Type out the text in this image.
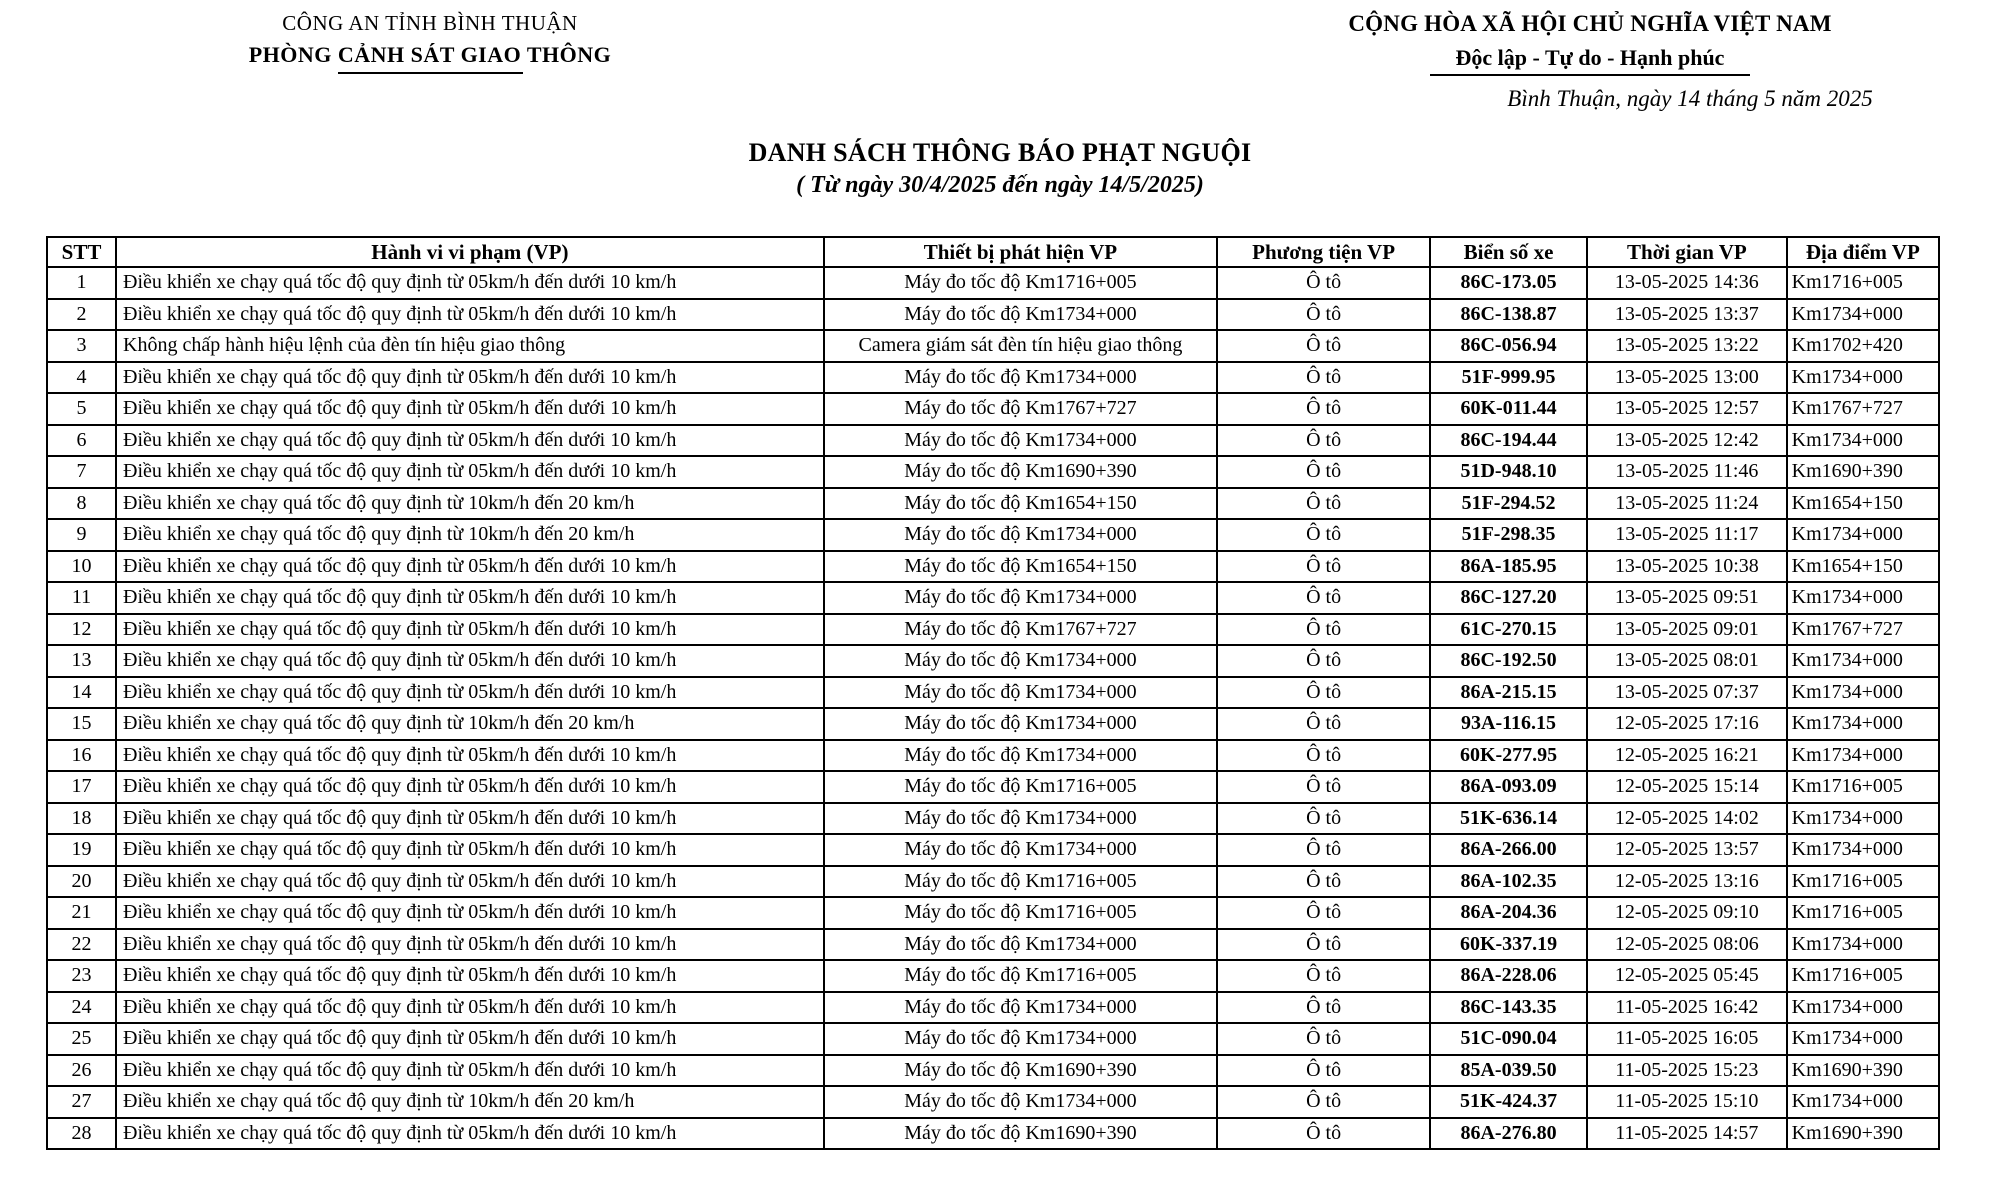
CÔNG AN TỈNH BÌNH THUẬN
PHÒNG CẢNH SÁT GIAO THÔNG
CỘNG HÒA XÃ HỘI CHỦ NGHĨA VIỆT NAM
Độc lập - Tự do - Hạnh phúc
Bình Thuận, ngày 14 tháng 5 năm 2025
DANH SÁCH THÔNG BÁO PHẠT NGUỘI
( Từ ngày 30/4/2025 đến ngày 14/5/2025)
STT	Hành vi vi phạm (VP)	Thiết bị phát hiện VP	Phương tiện VP	Biển số xe	Thời gian VP	Địa điểm VP
1	Điều khiển xe chạy quá tốc độ quy định từ 05km/h đến dưới 10 km/h	Máy đo tốc độ Km1716+005	Ô tô	86C-173.05	13-05-2025 14:36	Km1716+005
2	Điều khiển xe chạy quá tốc độ quy định từ 05km/h đến dưới 10 km/h	Máy đo tốc độ Km1734+000	Ô tô	86C-138.87	13-05-2025 13:37	Km1734+000
3	Không chấp hành hiệu lệnh của đèn tín hiệu giao thông	Camera giám sát đèn tín hiệu giao thông	Ô tô	86C-056.94	13-05-2025 13:22	Km1702+420
4	Điều khiển xe chạy quá tốc độ quy định từ 05km/h đến dưới 10 km/h	Máy đo tốc độ Km1734+000	Ô tô	51F-999.95	13-05-2025 13:00	Km1734+000
5	Điều khiển xe chạy quá tốc độ quy định từ 05km/h đến dưới 10 km/h	Máy đo tốc độ Km1767+727	Ô tô	60K-011.44	13-05-2025 12:57	Km1767+727
6	Điều khiển xe chạy quá tốc độ quy định từ 05km/h đến dưới 10 km/h	Máy đo tốc độ Km1734+000	Ô tô	86C-194.44	13-05-2025 12:42	Km1734+000
7	Điều khiển xe chạy quá tốc độ quy định từ 05km/h đến dưới 10 km/h	Máy đo tốc độ Km1690+390	Ô tô	51D-948.10	13-05-2025 11:46	Km1690+390
8	Điều khiển xe chạy quá tốc độ quy định từ 10km/h đến 20 km/h	Máy đo tốc độ Km1654+150	Ô tô	51F-294.52	13-05-2025 11:24	Km1654+150
9	Điều khiển xe chạy quá tốc độ quy định từ 10km/h đến 20 km/h	Máy đo tốc độ Km1734+000	Ô tô	51F-298.35	13-05-2025 11:17	Km1734+000
10	Điều khiển xe chạy quá tốc độ quy định từ 05km/h đến dưới 10 km/h	Máy đo tốc độ Km1654+150	Ô tô	86A-185.95	13-05-2025 10:38	Km1654+150
11	Điều khiển xe chạy quá tốc độ quy định từ 05km/h đến dưới 10 km/h	Máy đo tốc độ Km1734+000	Ô tô	86C-127.20	13-05-2025 09:51	Km1734+000
12	Điều khiển xe chạy quá tốc độ quy định từ 05km/h đến dưới 10 km/h	Máy đo tốc độ Km1767+727	Ô tô	61C-270.15	13-05-2025 09:01	Km1767+727
13	Điều khiển xe chạy quá tốc độ quy định từ 05km/h đến dưới 10 km/h	Máy đo tốc độ Km1734+000	Ô tô	86C-192.50	13-05-2025 08:01	Km1734+000
14	Điều khiển xe chạy quá tốc độ quy định từ 05km/h đến dưới 10 km/h	Máy đo tốc độ Km1734+000	Ô tô	86A-215.15	13-05-2025 07:37	Km1734+000
15	Điều khiển xe chạy quá tốc độ quy định từ 10km/h đến 20 km/h	Máy đo tốc độ Km1734+000	Ô tô	93A-116.15	12-05-2025 17:16	Km1734+000
16	Điều khiển xe chạy quá tốc độ quy định từ 05km/h đến dưới 10 km/h	Máy đo tốc độ Km1734+000	Ô tô	60K-277.95	12-05-2025 16:21	Km1734+000
17	Điều khiển xe chạy quá tốc độ quy định từ 05km/h đến dưới 10 km/h	Máy đo tốc độ Km1716+005	Ô tô	86A-093.09	12-05-2025 15:14	Km1716+005
18	Điều khiển xe chạy quá tốc độ quy định từ 05km/h đến dưới 10 km/h	Máy đo tốc độ Km1734+000	Ô tô	51K-636.14	12-05-2025 14:02	Km1734+000
19	Điều khiển xe chạy quá tốc độ quy định từ 05km/h đến dưới 10 km/h	Máy đo tốc độ Km1734+000	Ô tô	86A-266.00	12-05-2025 13:57	Km1734+000
20	Điều khiển xe chạy quá tốc độ quy định từ 05km/h đến dưới 10 km/h	Máy đo tốc độ Km1716+005	Ô tô	86A-102.35	12-05-2025 13:16	Km1716+005
21	Điều khiển xe chạy quá tốc độ quy định từ 05km/h đến dưới 10 km/h	Máy đo tốc độ Km1716+005	Ô tô	86A-204.36	12-05-2025 09:10	Km1716+005
22	Điều khiển xe chạy quá tốc độ quy định từ 05km/h đến dưới 10 km/h	Máy đo tốc độ Km1734+000	Ô tô	60K-337.19	12-05-2025 08:06	Km1734+000
23	Điều khiển xe chạy quá tốc độ quy định từ 05km/h đến dưới 10 km/h	Máy đo tốc độ Km1716+005	Ô tô	86A-228.06	12-05-2025 05:45	Km1716+005
24	Điều khiển xe chạy quá tốc độ quy định từ 05km/h đến dưới 10 km/h	Máy đo tốc độ Km1734+000	Ô tô	86C-143.35	11-05-2025 16:42	Km1734+000
25	Điều khiển xe chạy quá tốc độ quy định từ 05km/h đến dưới 10 km/h	Máy đo tốc độ Km1734+000	Ô tô	51C-090.04	11-05-2025 16:05	Km1734+000
26	Điều khiển xe chạy quá tốc độ quy định từ 05km/h đến dưới 10 km/h	Máy đo tốc độ Km1690+390	Ô tô	85A-039.50	11-05-2025 15:23	Km1690+390
27	Điều khiển xe chạy quá tốc độ quy định từ 10km/h đến 20 km/h	Máy đo tốc độ Km1734+000	Ô tô	51K-424.37	11-05-2025 15:10	Km1734+000
28	Điều khiển xe chạy quá tốc độ quy định từ 05km/h đến dưới 10 km/h	Máy đo tốc độ Km1690+390	Ô tô	86A-276.80	11-05-2025 14:57	Km1690+390
